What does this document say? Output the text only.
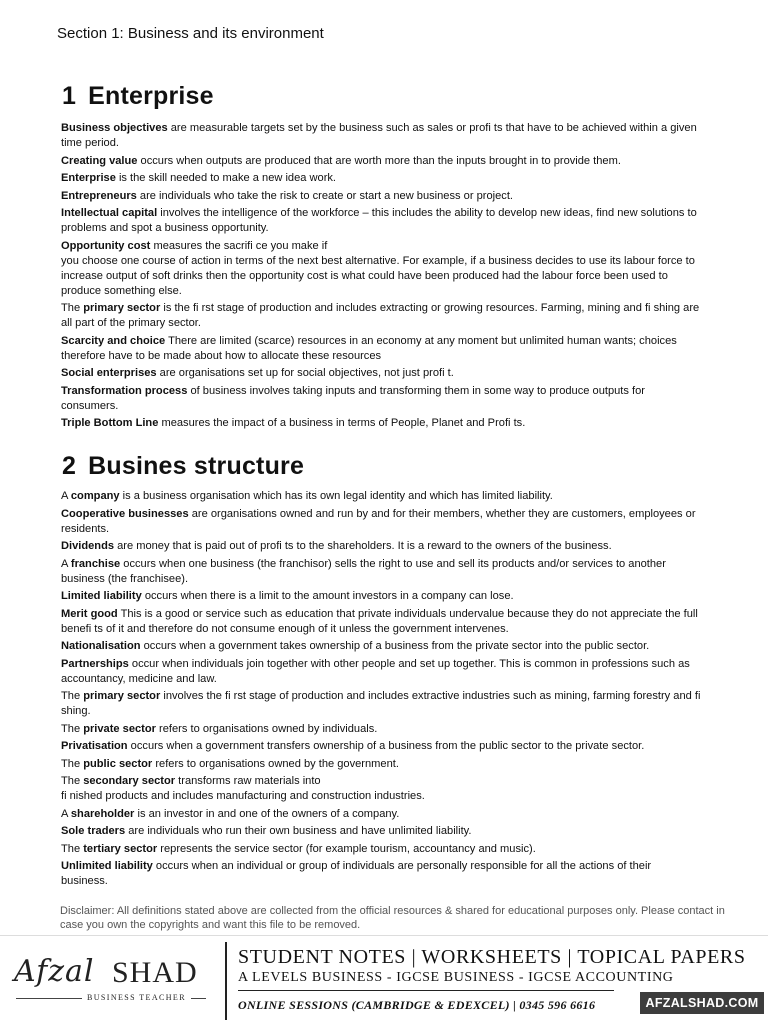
Section 1: Business and its environment
1 Enterprise

Business objectives are measurable targets set by the business such as sales or profi ts that have to be achieved within a given time period.

Creating value occurs when outputs are produced that are worth more than the inputs brought in to provide them.

Enterprise is the skill needed to make a new idea work.

Entrepreneurs are individuals who take the risk to create or start a new business or project.

Intellectual capital involves the intelligence of the workforce – this includes the ability to develop new ideas, find new solutions to problems and spot a business opportunity.

Opportunity cost measures the sacrifi ce you make if
you choose one course of action in terms of the next best alternative. For example, if a business decides to use its labour force to increase output of soft drinks then the opportunity cost is what could have been produced had the labour force been used to produce something else.

The primary sector is the fi rst stage of production and includes extracting or growing resources. Farming, mining and fi shing are all part of the primary sector.

Scarcity and choice There are limited (scarce) resources in an economy at any moment but unlimited human wants; choices therefore have to be made about how to allocate these resources

Social enterprises are organisations set up for social objectives, not just profi t.

Transformation process of business involves taking inputs and transforming them in some way to produce outputs for consumers.

Triple Bottom Line measures the impact of a business in terms of People, Planet and Profi ts.

2 Busines structure

A company is a business organisation which has its own legal identity and which has limited liability.

Cooperative businesses are organisations owned and run by and for their members, whether they are customers, employees or residents.

Dividends are money that is paid out of profi ts to the shareholders. It is a reward to the owners of the business.

A franchise occurs when one business (the franchisor) sells the right to use and sell its products and/or services to another business (the franchisee).

Limited liability occurs when there is a limit to the amount investors in a company can lose.

Merit good This is a good or service such as education that private individuals undervalue because they do not appreciate the full benefi ts of it and therefore do not consume enough of it unless the government intervenes.

Nationalisation occurs when a government takes ownership of a business from the private sector into the public sector.

Partnerships occur when individuals join together with other people and set up together. This is common in professions such as accountancy, medicine and law.

The primary sector involves the fi rst stage of production and includes extractive industries such as mining, farming forestry and fi shing.

The private sector refers to organisations owned by individuals.

Privatisation occurs when a government transfers ownership of a business from the public sector to the private sector.

The public sector refers to organisations owned by the government.

The secondary sector transforms raw materials into
fi nished products and includes manufacturing and construction industries.

A shareholder is an investor in and one of the owners of a company.

Sole traders are individuals who run their own business and have unlimited liability.

The tertiary sector represents the service sector (for example tourism, accountancy and music).

Unlimited liability occurs when an individual or group of individuals are personally responsible for all the actions of their business.

Disclaimer: All definitions stated above are collected from the official resources & shared for educational purposes only. Please contact in case you own the copyrights and want this file to be removed.
Afzal SHAD
BUSINESS TEACHER
STUDENT NOTES | WORKSHEETS | TOPICAL PAPERS
A LEVELS BUSINESS - IGCSE BUSINESS - IGCSE ACCOUNTING
ONLINE SESSIONS (CAMBRIDGE & EDEXCEL) | 0345 596 6616	AFZALSHAD.COM
